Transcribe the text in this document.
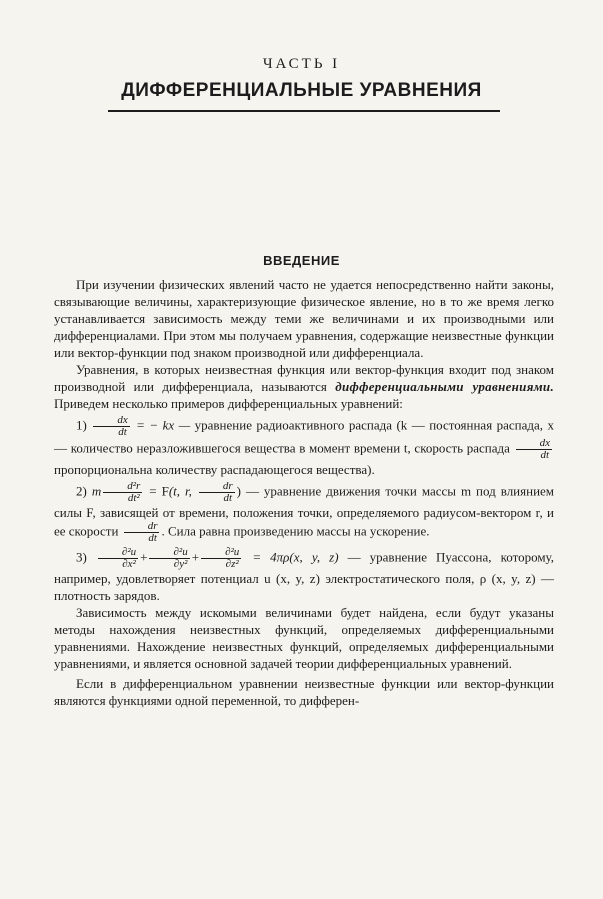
ЧАСТЬ I
ДИФФЕРЕНЦИАЛЬНЫЕ УРАВНЕНИЯ
ВВЕДЕНИЕ

При изучении физических явлений часто не удается непосредственно найти законы, связывающие величины, характеризующие физическое явление, но в то же время легко устанавливается зависимость между теми же величинами и их производными или дифференциалами. При этом мы получаем уравнения, содержащие неизвестные функции или вектор-функции под знаком производной или дифференциала.

Уравнения, в которых неизвестная функция или вектор-функция входит под знаком производной или дифференциала, называются дифференциальными уравнениями. Приведем несколько примеров дифференциальных уравнений:

$1) \frac{dx}{dt}$ = − kx — уравнение радиоактивного распада (k — постоянная распада, x — количество неразложившегося вещества в момент времени t, скорость распада $\frac{dx}{dt}$
пропорциональна количеству распадающегося вещества).

2) m $\frac{\text{d²r}}{\text{dt²}} = F(t$, r, $\frac{dr}{dt}$ ) — уравнение движения точки массы m под влиянием силы F, зависящей от времени, положения точки, определяемого радиусом-вектором r, и ее скорости $\frac{dr}{dt}$ . Сила равна произведению массы на ускорение.

$3) \frac{\text{∂²u}}{\text{∂x²}} + \frac{\text{∂²u}}{\text{∂y²}} + \frac{\text{∂²u}}{\text{∂z²}} = 4\pi\rho(x$, y, z) — уравнение Пуассона, которому, например, удовлетворяет потенциал u (x, y, z) электростатического поля, ρ (x, y, z) — плотность зарядов.

Зависимость между искомыми величинами будет найдена, если будут указаны методы нахождения неизвестных функций, определяемых дифференциальными уравнениями. Нахождение неизвестных функций, определяемых дифференциальными уравнениями, и является основной задачей теории дифференциальных уравнений.

Если в дифференциальном уравнении неизвестные функции или вектор-функции являются функциями одной переменной, то дифферен-
